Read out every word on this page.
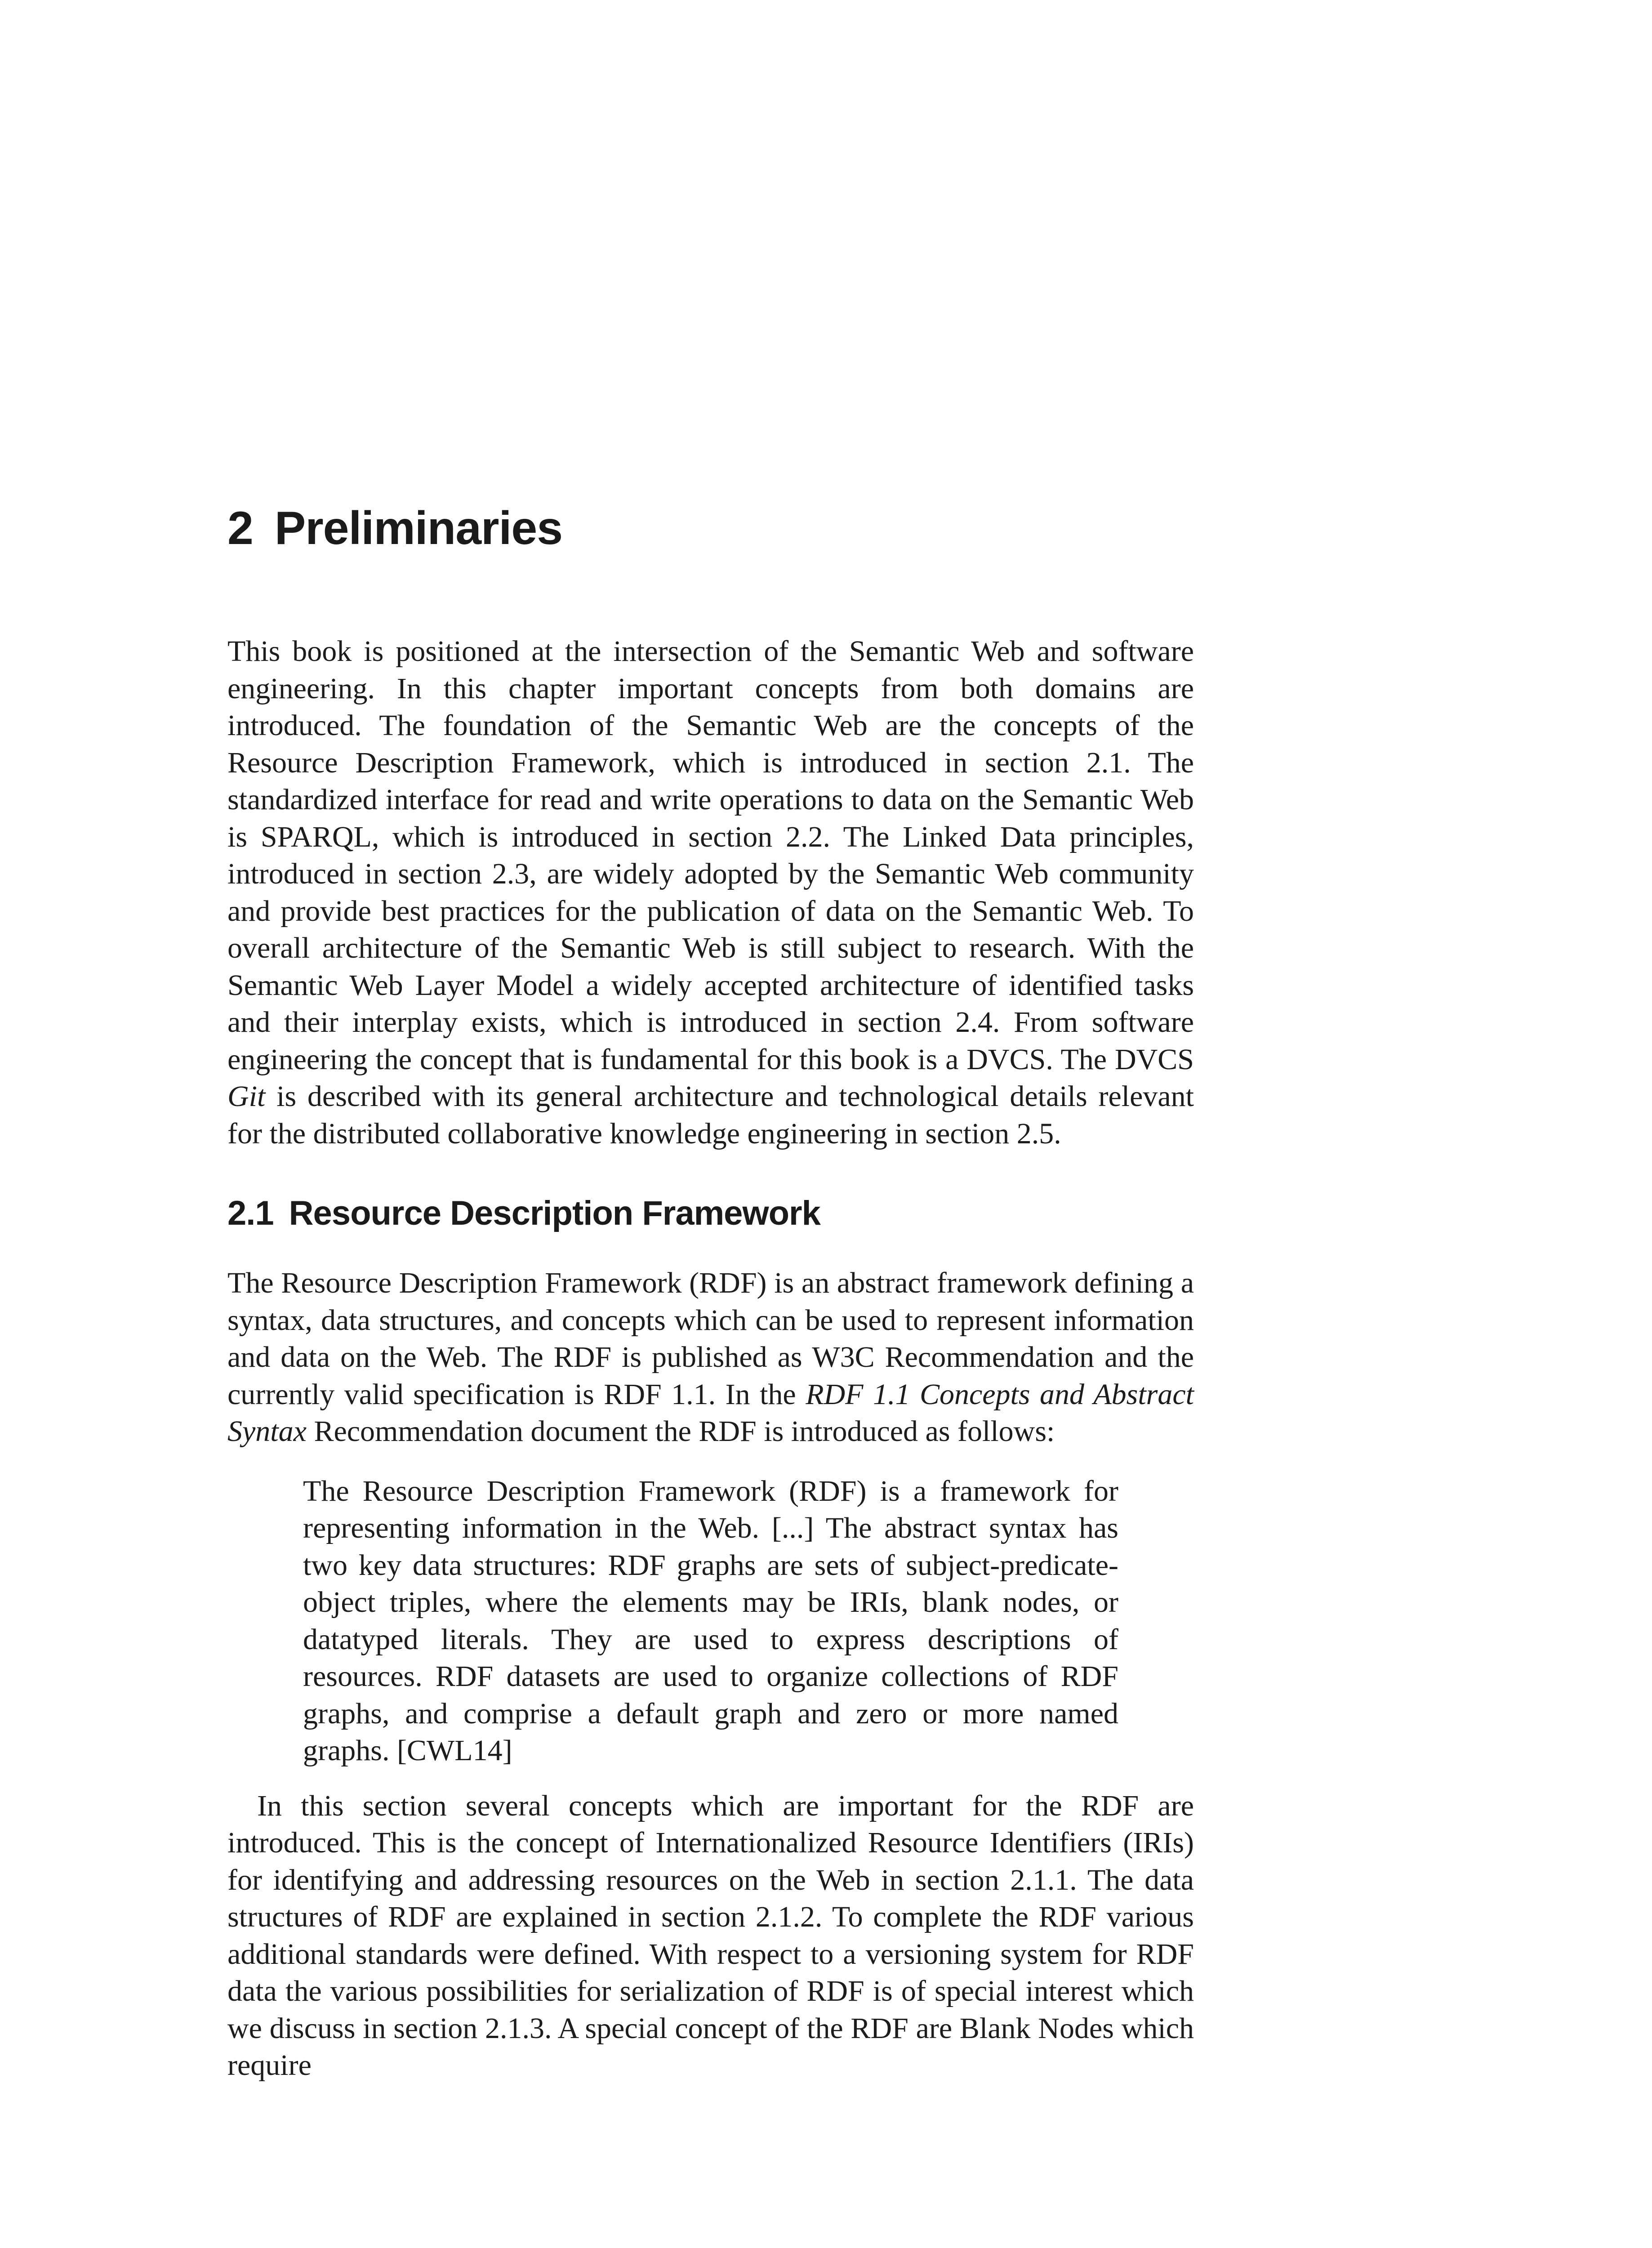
2 Preliminaries

This book is positioned at the intersection of the Semantic Web and software engineering. In this chapter important concepts from both domains are introduced. The foundation of the Semantic Web are the concepts of the Resource Description Framework, which is introduced in section 2.1. The standardized interface for read and write operations to data on the Semantic Web is SPARQL, which is introduced in section 2.2. The Linked Data principles, introduced in section 2.3, are widely adopted by the Semantic Web community and provide best practices for the publication of data on the Semantic Web. To overall architecture of the Semantic Web is still subject to research. With the Semantic Web Layer Model a widely accepted architecture of identified tasks and their interplay exists, which is introduced in section 2.4. From software engineering the concept that is fundamental for this book is a DVCS. The DVCS Git is described with its general architecture and technological details relevant for the distributed collaborative knowledge engineering in section 2.5.

2.1 Resource Description Framework

The Resource Description Framework (RDF) is an abstract framework defining a syntax, data structures, and concepts which can be used to represent information and data on the Web. The RDF is published as W3C Recommendation and the currently valid specification is RDF 1.1. In the RDF 1.1 Concepts and Abstract Syntax Recommendation document the RDF is introduced as follows:

The Resource Description Framework (RDF) is a framework for representing information in the Web. [...] The abstract syntax has two key data structures: RDF graphs are sets of subject-predicate-object triples, where the elements may be IRIs, blank nodes, or datatyped literals. They are used to express descriptions of resources. RDF datasets are used to organize collections of RDF graphs, and comprise a default graph and zero or more named graphs. [CWL14]

In this section several concepts which are important for the RDF are introduced. This is the concept of Internationalized Resource Identifiers (IRIs) for identifying and addressing resources on the Web in section 2.1.1. The data structures of RDF are explained in section 2.1.2. To complete the RDF various additional standards were defined. With respect to a versioning system for RDF data the various possibilities for serialization of RDF is of special interest which we discuss in section 2.1.3. A special concept of the RDF are Blank Nodes which require
